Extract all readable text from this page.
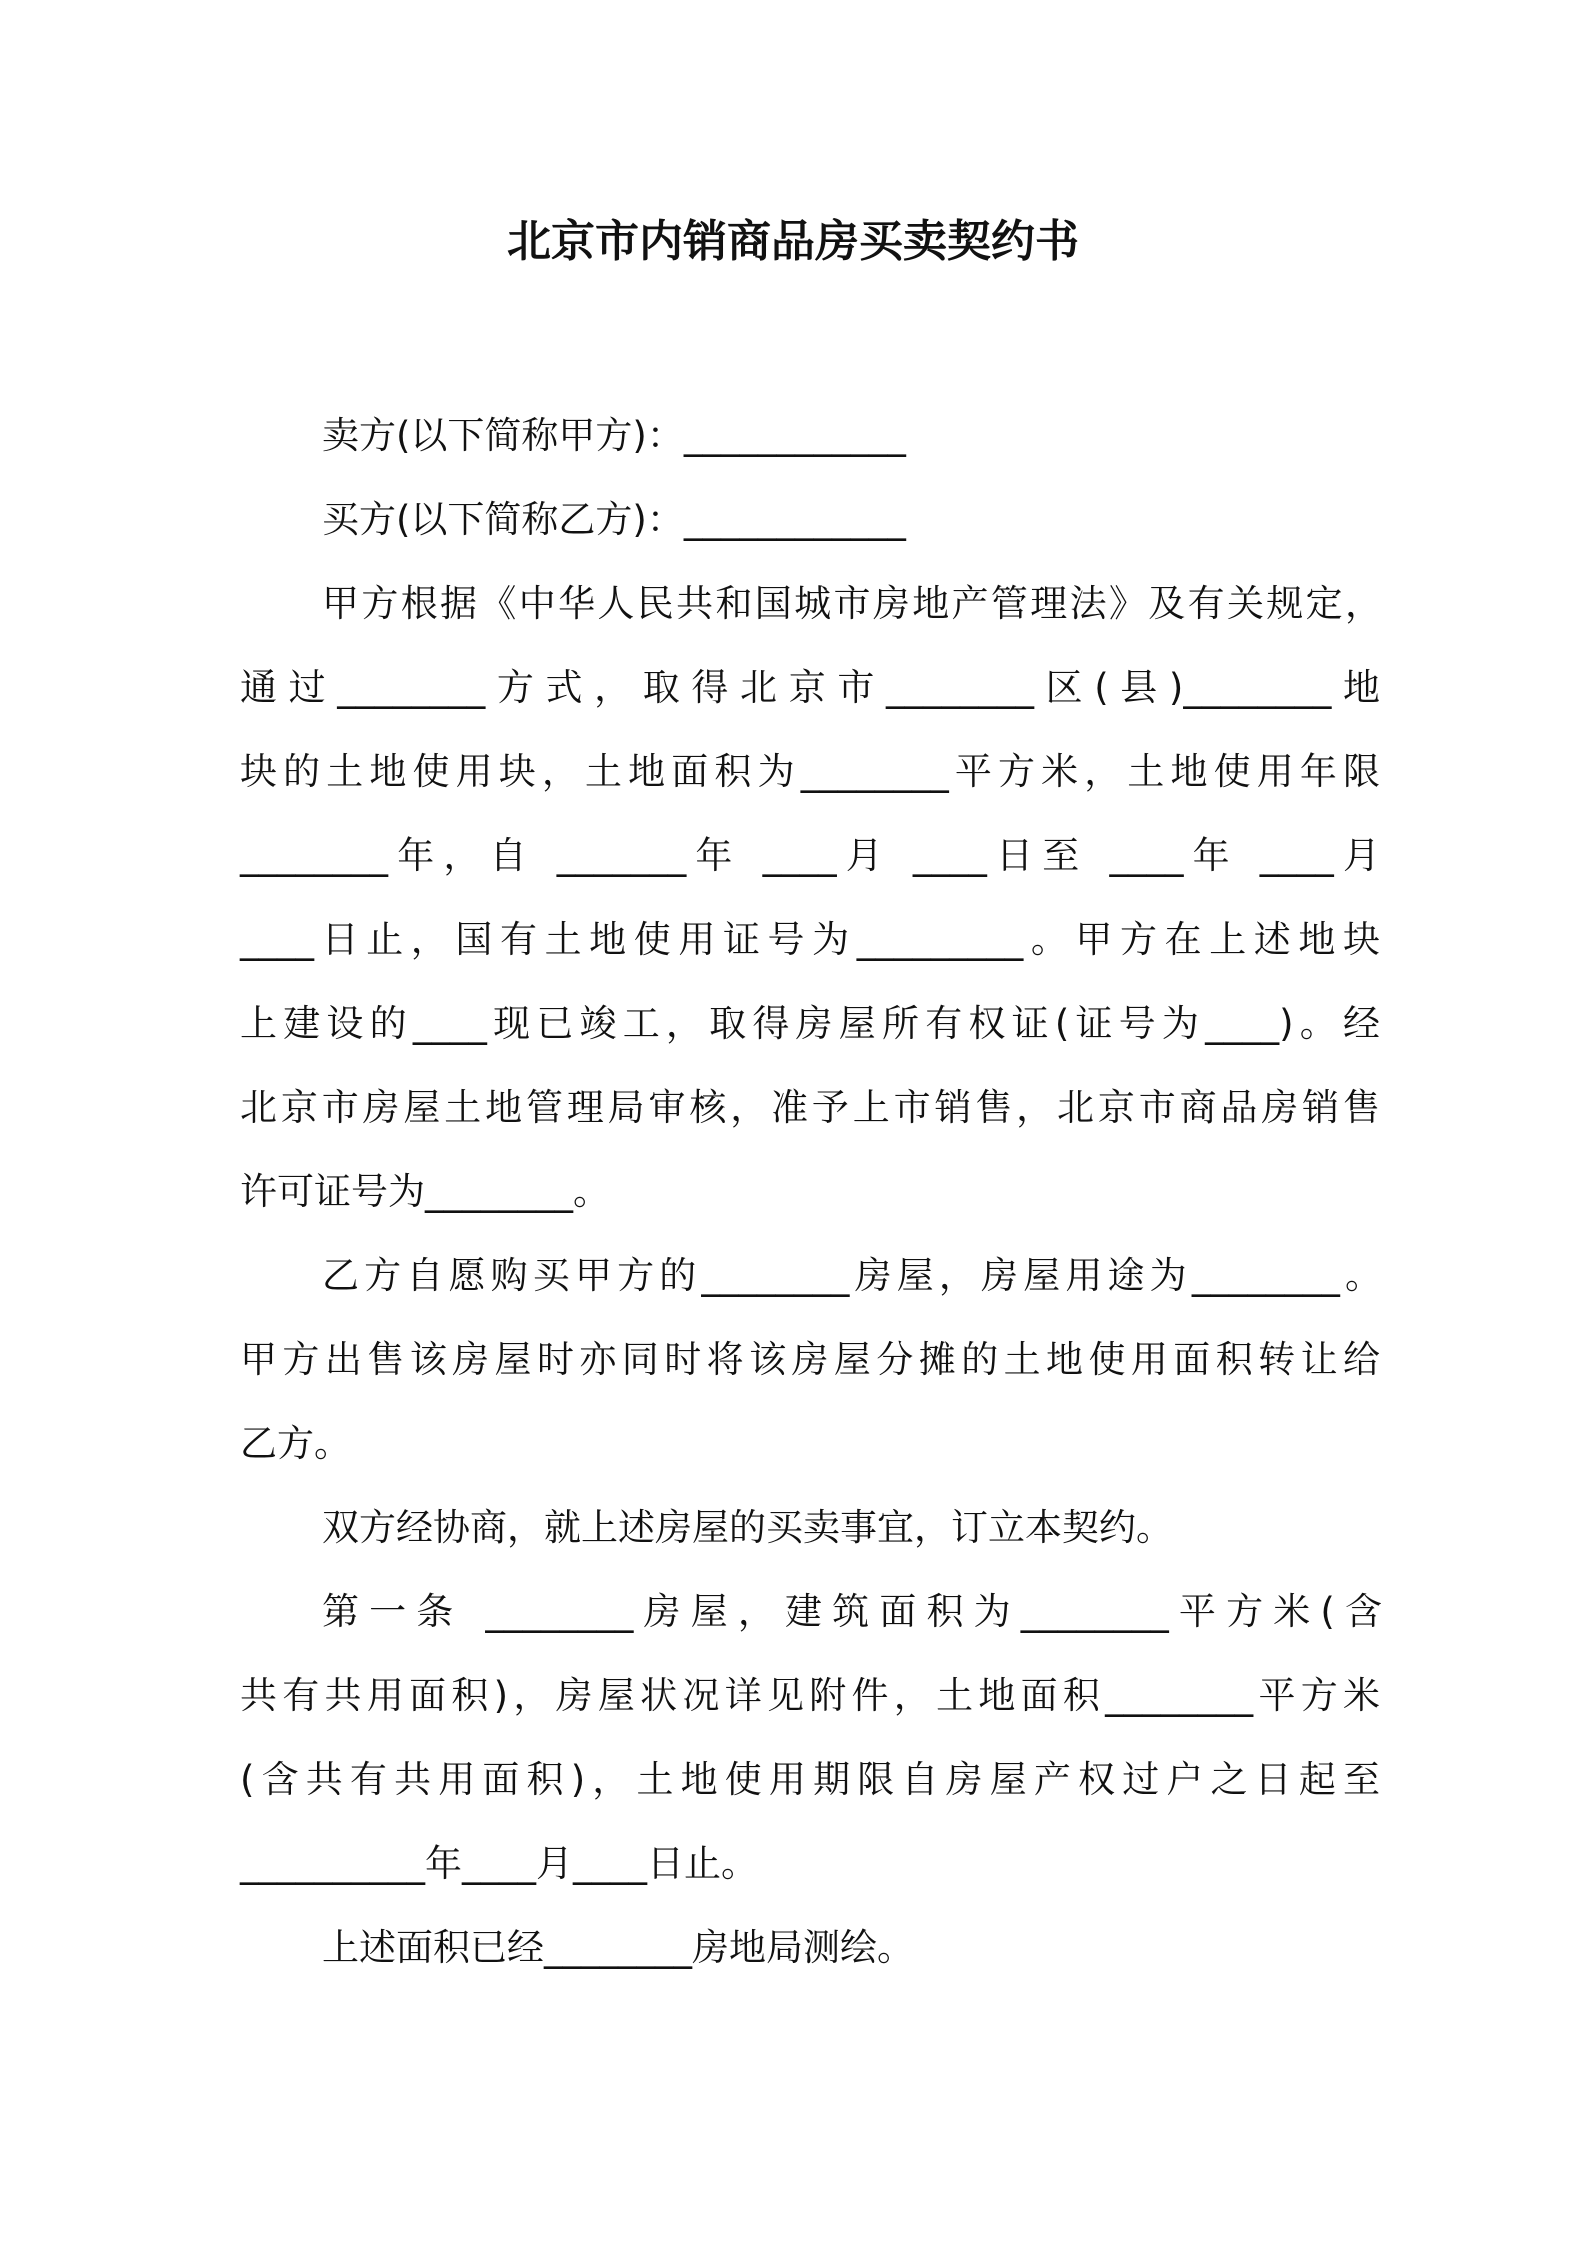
北京市内销商品房买卖契约书
卖方(以下简称甲方)：____________
买方(以下简称乙方)：____________
甲方根据《中华人民共和国城市房地产管理法》及有关规定，
通过________方式，取得北京市________区(县)________地
块的土地使用块，土地面积为________平方米，土地使用年限
________年，自 _______年 ____月 ____日至 ____年 ____月
____日止，国有土地使用证号为_________。甲方在上述地块
上建设的____现已竣工，取得房屋所有权证(证号为____)。经
北京市房屋土地管理局审核，准予上市销售，北京市商品房销售
许可证号为________。
乙方自愿购买甲方的________房屋，房屋用途为________。
甲方出售该房屋时亦同时将该房屋分摊的土地使用面积转让给
乙方。
双方经协商，就上述房屋的买卖事宜，订立本契约。
第一条 ________房屋，建筑面积为________平方米(含
共有共用面积)，房屋状况详见附件，土地面积________平方米
(含共有共用面积)，土地使用期限自房屋产权过户之日起至
__________年____月____日止。
上述面积已经________房地局测绘。
